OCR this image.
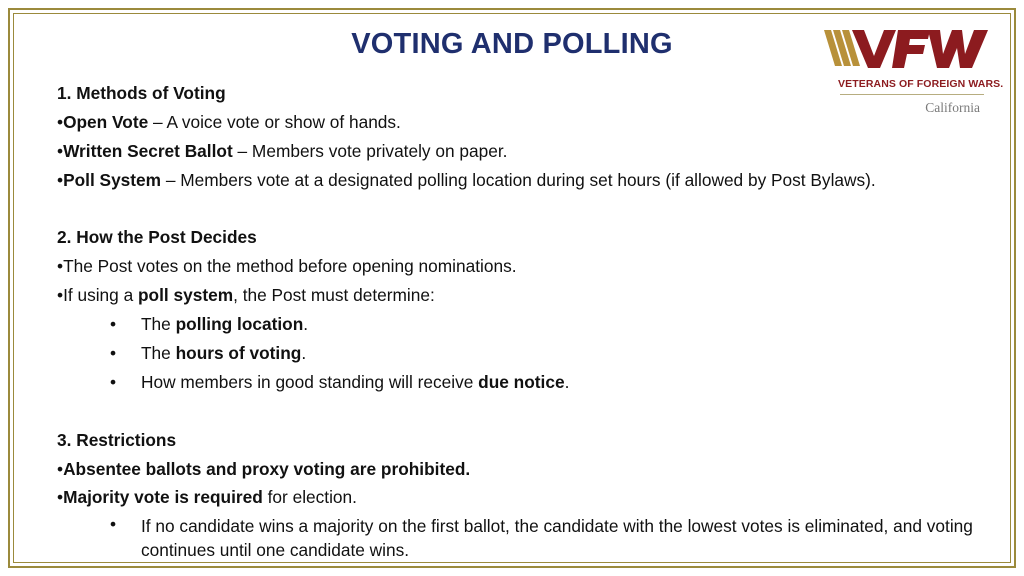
VOTING AND POLLING
VETERANS OF FOREIGN WARS.
California
1. Methods of Voting
•Open Vote – A voice vote or show of hands.
•Written Secret Ballot – Members vote privately on paper.
•Poll System – Members vote at a designated polling location during set hours (if allowed by Post Bylaws).
2. How the Post Decides
•The Post votes on the method before opening nominations.
•If using a poll system, the Post must determine:
• The polling location.
• The hours of voting.
• How members in good standing will receive due notice.
3. Restrictions
•Absentee ballots and proxy voting are prohibited.
•Majority vote is required for election.
• If no candidate wins a majority on the first ballot, the candidate with the lowest votes is eliminated, and voting continues until one candidate wins.
